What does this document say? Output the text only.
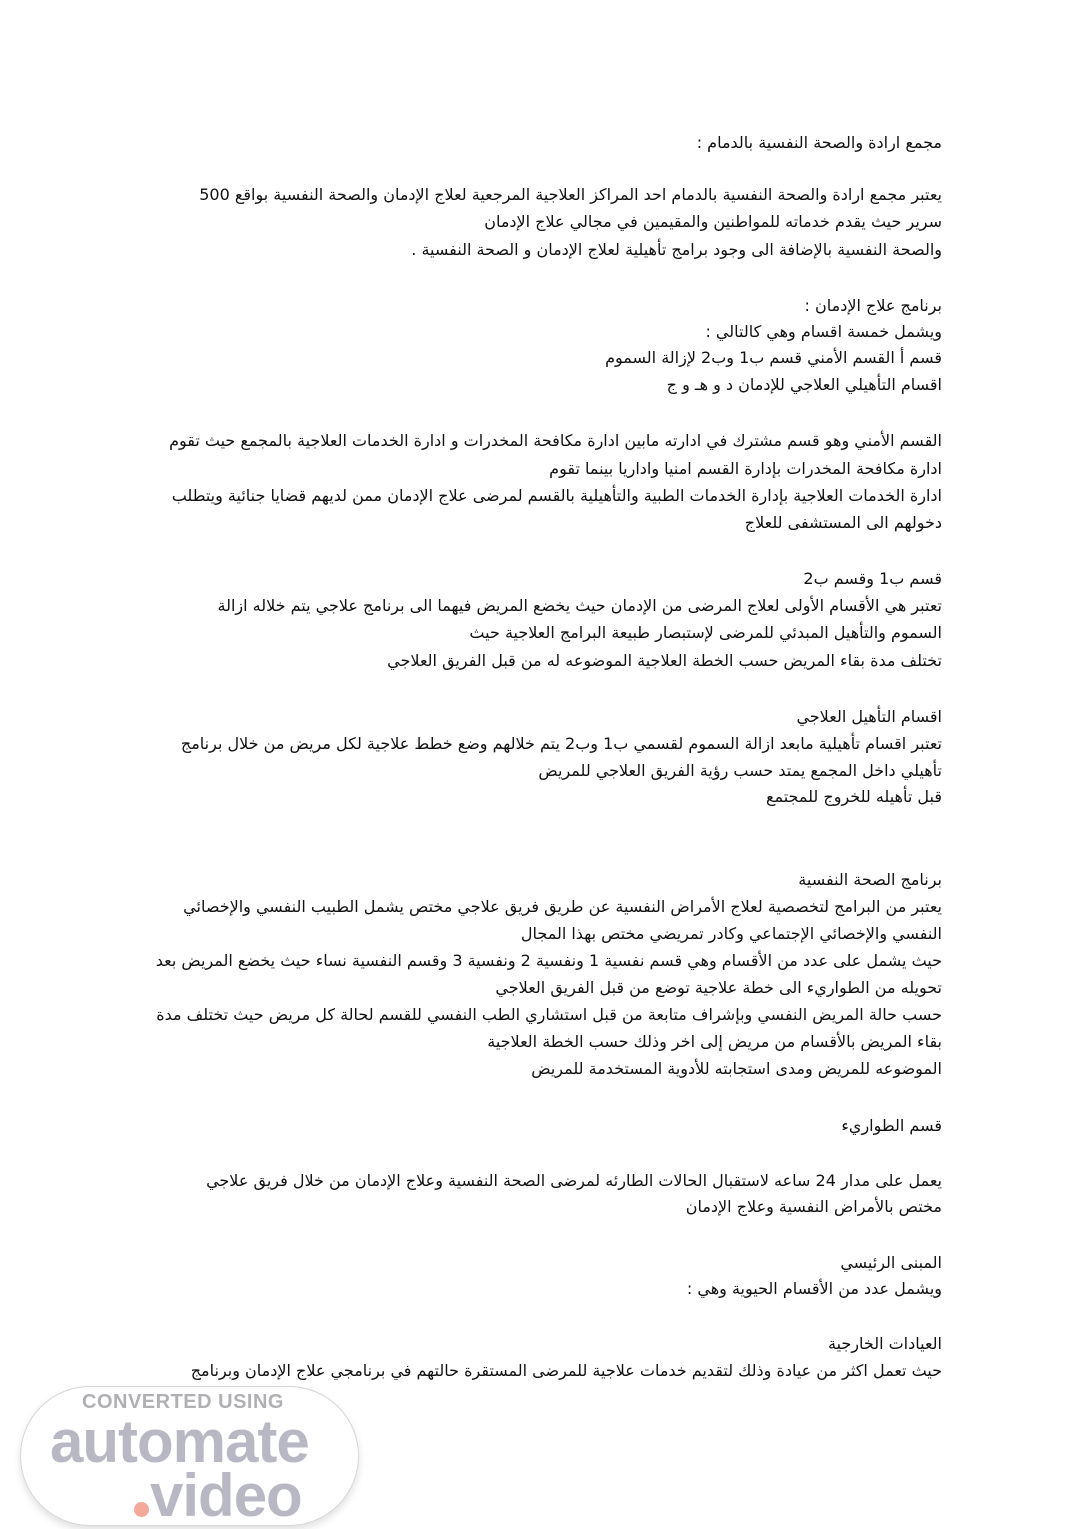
مجمع ارادة والصحة النفسية بالدمام :
يعتبر مجمع ارادة والصحة النفسية بالدمام احد المراكز العلاجية المرجعية لعلاج الإدمان والصحة النفسية بواقع 500
سرير حيث يقدم خدماته للمواطنين والمقيمين في مجالي علاج الإدمان
والصحة النفسية بالإضافة الى وجود برامج تأهيلية لعلاج الإدمان و الصحة النفسية .
برنامج علاج الإدمان :
ويشمل خمسة اقسام وهي كالتالي :
قسم أ القسم الأمني قسم ب1 وب2 لإزالة السموم
اقسام التأهيلي العلاجي للإدمان د و هـ و ج
القسم الأمني وهو قسم مشترك في ادارته مابين ادارة مكافحة المخدرات و ادارة الخدمات العلاجية بالمجمع حيث تقوم
ادارة مكافحة المخدرات بإدارة القسم امنيا واداريا بينما تقوم
ادارة الخدمات العلاجية بإدارة الخدمات الطبية والتأهيلية بالقسم لمرضى علاج الإدمان ممن لديهم قضايا جنائية ويتطلب
دخولهم الى المستشفى للعلاج
قسم ب1 وقسم ب2
تعتبر هي الأقسام الأولى لعلاج المرضى من الإدمان حيث يخضع المريض فيهما الى برنامج علاجي يتم خلاله ازالة
السموم والتأهيل المبدئي للمرضى لإستبصار طبيعة البرامج العلاجية حيث
تختلف مدة بقاء المريض حسب الخطة العلاجية الموضوعه له من قبل الفريق العلاجي
اقسام التأهيل العلاجي
تعتبر اقسام تأهيلية مابعد ازالة السموم لقسمي ب1 وب2 يتم خلالهم وضع خطط علاجية لكل مريض من خلال برنامج
تأهيلي داخل المجمع يمتد حسب رؤية الفريق العلاجي للمريض
قبل تأهيله للخروج للمجتمع
برنامج الصحة النفسية
يعتبر من البرامج لتخصصية لعلاج الأمراض النفسية عن طريق فريق علاجي مختص يشمل الطبيب النفسي والإخصائي
النفسي والإخصائي الإجتماعي وكادر تمريضي مختص بهذا المجال
حيث يشمل على عدد من الأقسام وهي قسم نفسية 1 ونفسية 2 ونفسية 3 وقسم النفسية نساء حيث يخضع المريض بعد
تحويله من الطواريء الى خطة علاجية توضع من قبل الفريق العلاجي
حسب حالة المريض النفسي وبإشراف متابعة من قبل استشاري الطب النفسي للقسم لحالة كل مريض حيث تختلف مدة
بقاء المريض بالأقسام من مريض إلى اخر وذلك حسب الخطة العلاجية
الموضوعه للمريض ومدى استجابته للأدوية المستخدمة للمريض
قسم الطواريء
يعمل على مدار 24 ساعه لاستقبال الحالات الطارئه لمرضى الصحة النفسية وعلاج الإدمان من خلال فريق علاجي
مختص بالأمراض النفسية وعلاج الإدمان
المبنى الرئيسي
ويشمل عدد من الأقسام الحيوية وهي :
العيادات الخارجية
حيث تعمل اكثر من عيادة وذلك لتقديم خدمات علاجية للمرضى المستقرة حالتهم في برنامجي علاج الإدمان وبرنامج
CONVERTED USING
automate
video
